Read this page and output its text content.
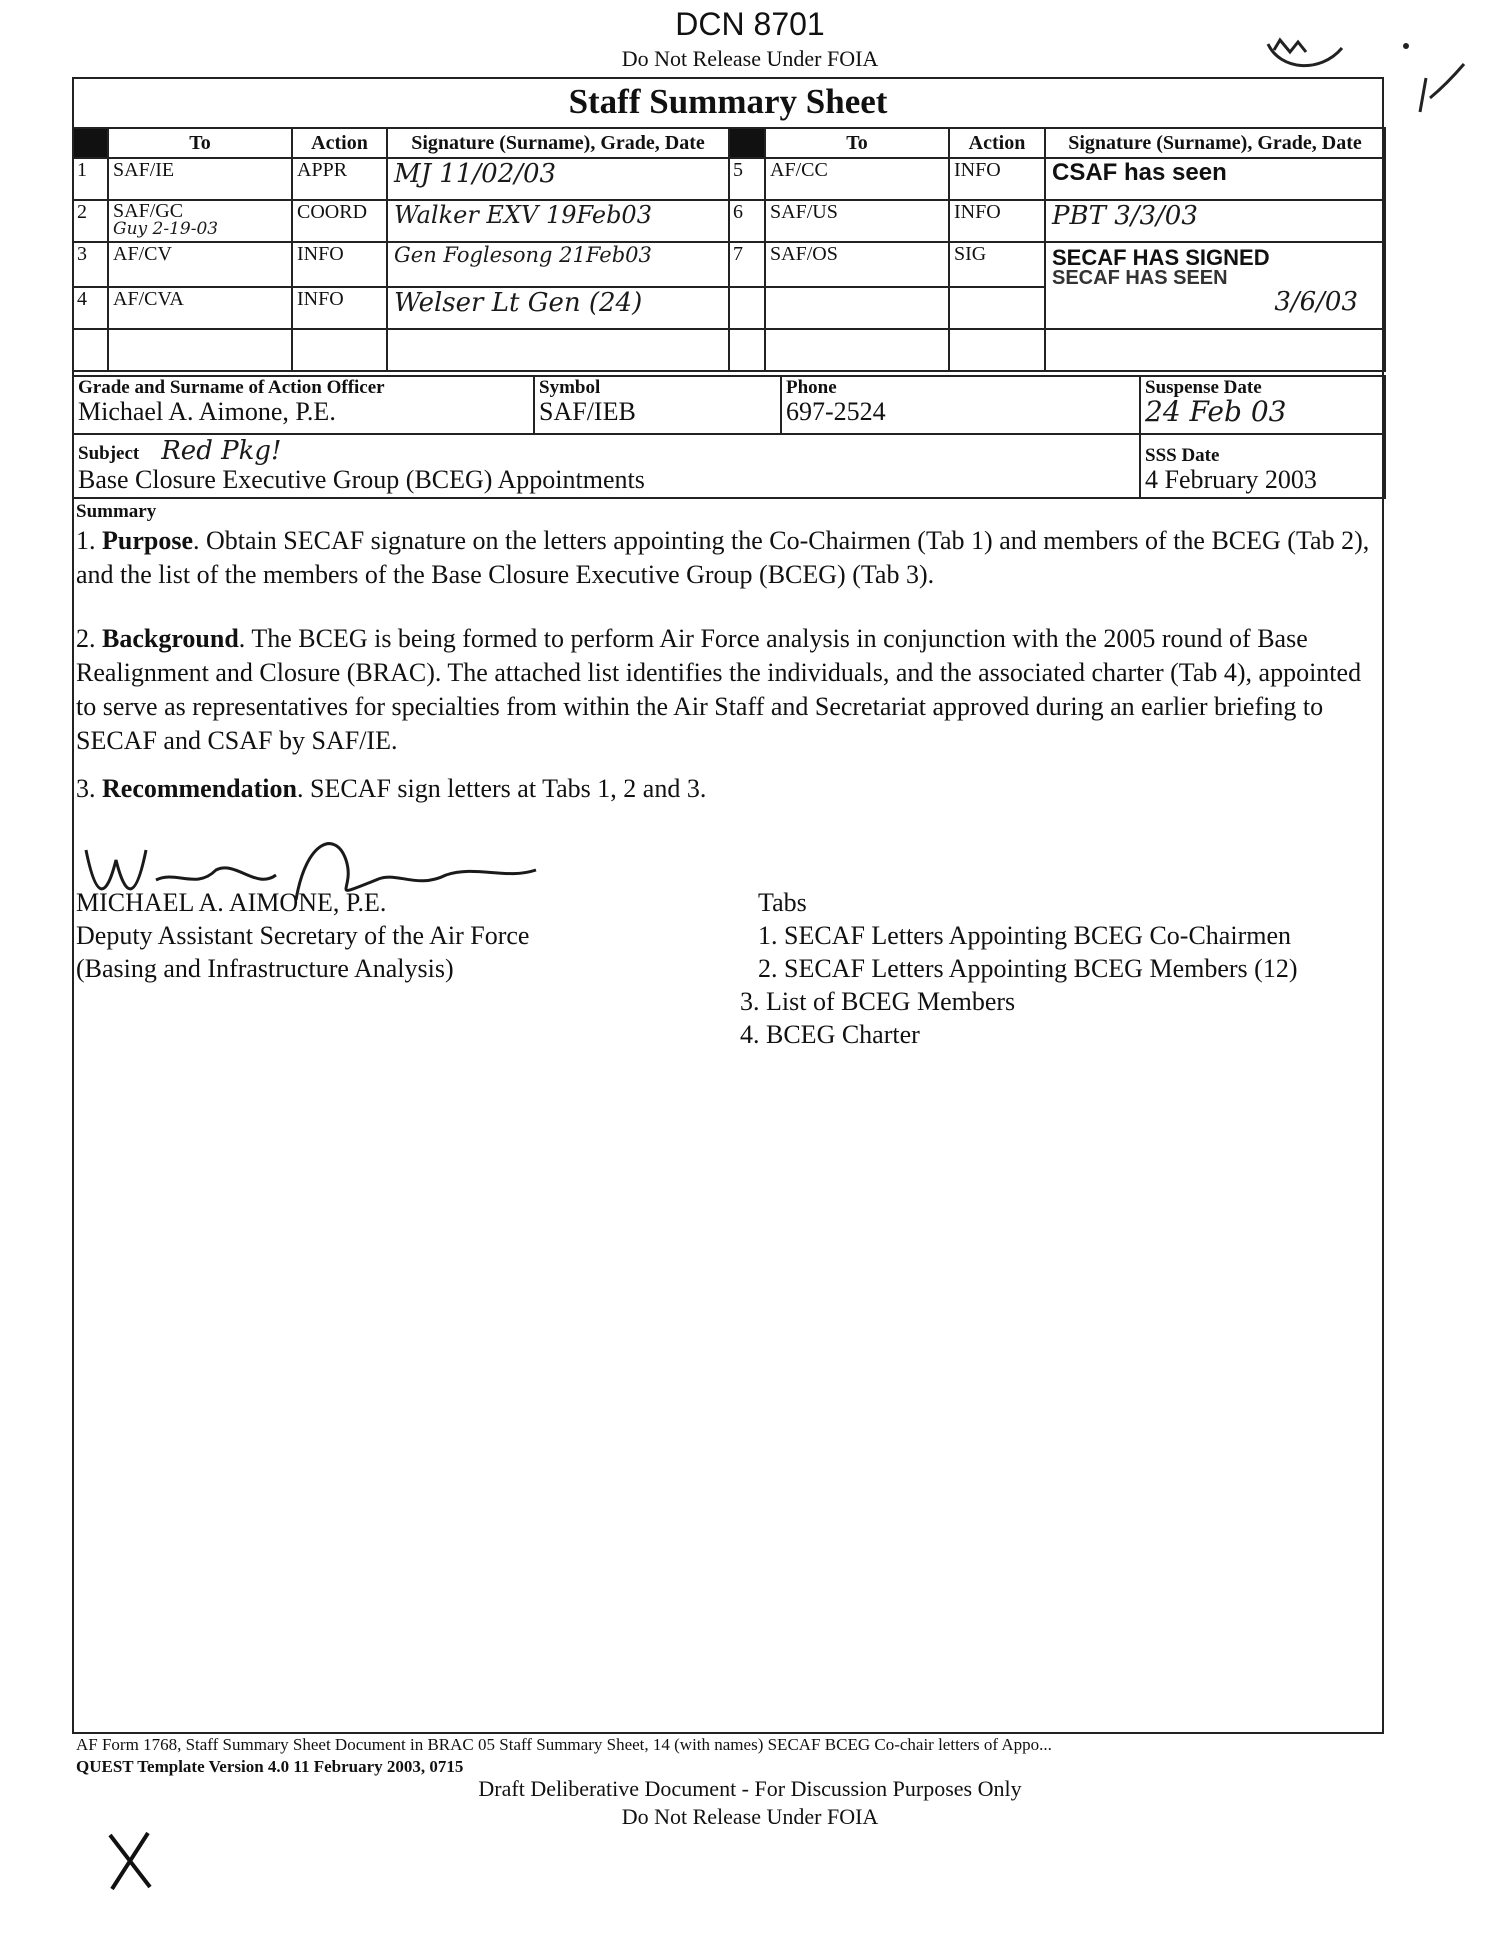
DCN 8701
Do Not Release Under FOIA
Staff Summary Sheet
	To	Action	Signature (Surname), Grade, Date		To	Action	Signature (Surname), Grade, Date
1	SAF/IE	APPR	MJ 11/02/03	5	AF/CC	INFO	CSAF has seen
2	SAF/GC
Guy 2-19-03	COORD	Walker EXV 19Feb03	6	SAF/US	INFO	PBT 3/3/03
3	AF/CV	INFO	Gen Foglesong 21Feb03	7	SAF/OS	SIG	SECAF HAS SIGNED
SECAF HAS SEEN

4	AF/CVA	INFO	Welser Lt Gen (24)				3/6/03

Grade and Surname of Action Officer
Michael A. Aimone, P.E.

Symbol
SAF/IEB

Phone
697-2524

Suspense Date
24 Feb 03
Subject Red Pkg!
Base Closure Executive Group (BCEG) Appointments

SSS Date
4 February 2003
Summary
1. Purpose. Obtain SECAF signature on the letters appointing the Co-Chairmen (Tab 1) and members of the BCEG (Tab 2), and the list of the members of the Base Closure Executive Group (BCEG) (Tab 3).
2. Background. The BCEG is being formed to perform Air Force analysis in conjunction with the 2005 round of Base Realignment and Closure (BRAC). The attached list identifies the individuals, and the associated charter (Tab 4), appointed to serve as representatives for specialties from within the Air Staff and Secretariat approved during an earlier briefing to SECAF and CSAF by SAF/IE.
3. Recommendation. SECAF sign letters at Tabs 1, 2 and 3.
MICHAEL A. AIMONE, P.E.
Deputy Assistant Secretary of the Air Force
(Basing and Infrastructure Analysis)
Tabs
1. SECAF Letters Appointing BCEG Co-Chairmen
2. SECAF Letters Appointing BCEG Members (12)
3. List of BCEG Members
4. BCEG Charter
AF Form 1768, Staff Summary Sheet Document in BRAC 05 Staff Summary Sheet, 14 (with names) SECAF BCEG Co-chair letters of Appo...
QUEST Template Version 4.0 11 February 2003, 0715
Draft Deliberative Document - For Discussion Purposes Only
Do Not Release Under FOIA
